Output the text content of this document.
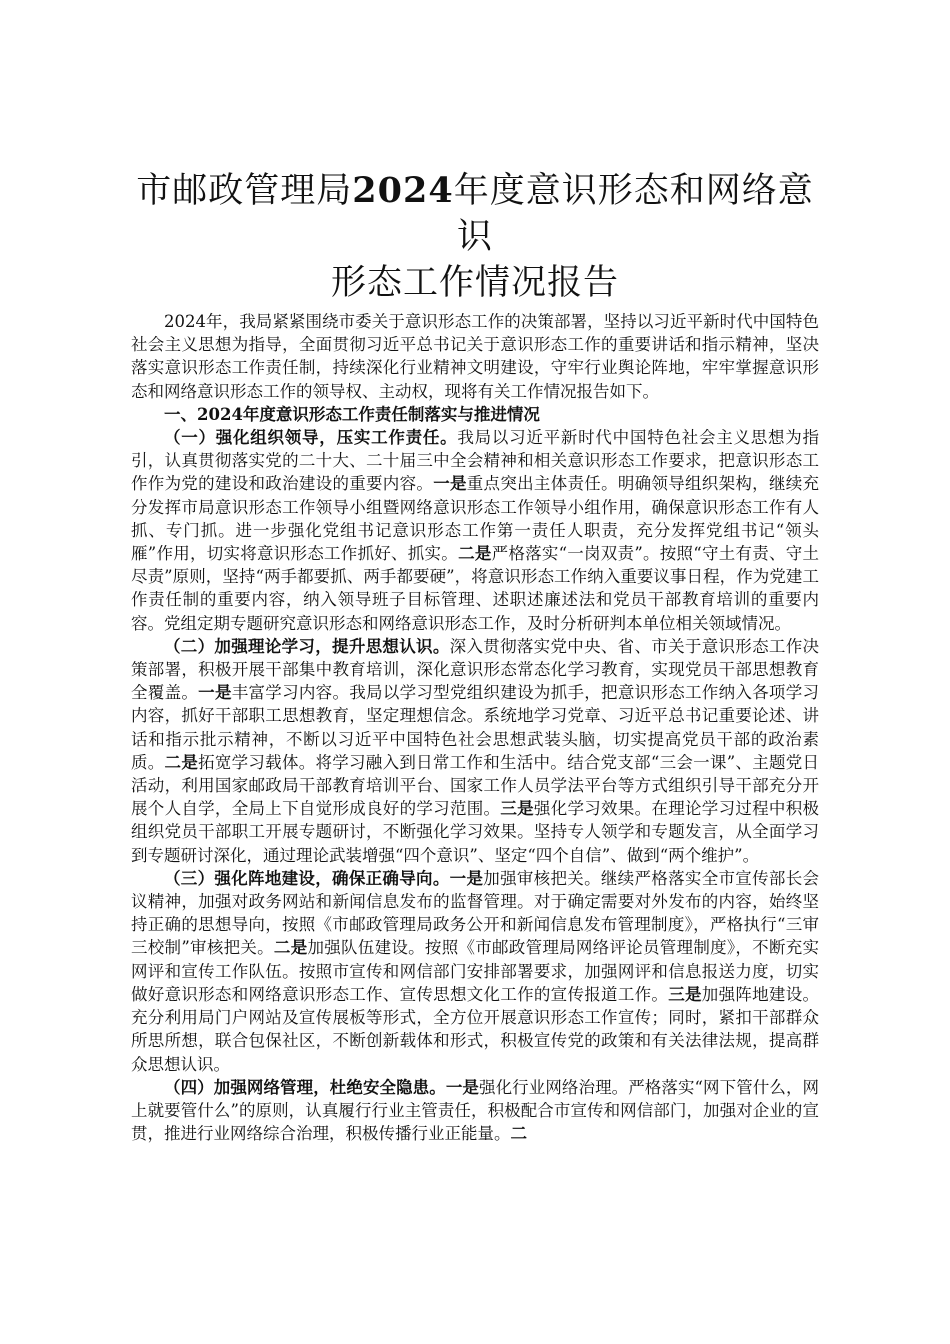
市邮政管理局2024年度意识形态和网络意识
形态工作情况报告

2024年，我局紧紧围绕市委关于意识形态工作的决策部署，坚持以习近平新时代中国特色社会主义思想为指导，全面贯彻习近平总书记关于意识形态工作的重要讲话和指示精神，坚决落实意识形态工作责任制，持续深化行业精神文明建设，守牢行业舆论阵地，牢牢掌握意识形态和网络意识形态工作的领导权、主动权，现将有关工作情况报告如下。

一、2024年度意识形态工作责任制落实与推进情况

（一）强化组织领导，压实工作责任。我局以习近平新时代中国特色社会主义思想为指引，认真贯彻落实党的二十大、二十届三中全会精神和相关意识形态工作要求，把意识形态工作作为党的建设和政治建设的重要内容。一是重点突出主体责任。明确领导组织架构，继续充分发挥市局意识形态工作领导小组暨网络意识形态工作领导小组作用，确保意识形态工作有人抓、专门抓。进一步强化党组书记意识形态工作第一责任人职责，充分发挥党组书记“领头雁”作用，切实将意识形态工作抓好、抓实。二是严格落实“一岗双责”。按照“守土有责、守土尽责”原则，坚持“两手都要抓、两手都要硬”，将意识形态工作纳入重要议事日程，作为党建工作责任制的重要内容，纳入领导班子目标管理、述职述廉述法和党员干部教育培训的重要内容。党组定期专题研究意识形态和网络意识形态工作，及时分析研判本单位相关领域情况。

（二）加强理论学习，提升思想认识。深入贯彻落实党中央、省、市关于意识形态工作决策部署，积极开展干部集中教育培训，深化意识形态常态化学习教育，实现党员干部思想教育全覆盖。一是丰富学习内容。我局以学习型党组织建设为抓手，把意识形态工作纳入各项学习内容，抓好干部职工思想教育，坚定理想信念。系统地学习党章、习近平总书记重要论述、讲话和指示批示精神，不断以习近平中国特色社会思想武装头脑，切实提高党员干部的政治素质。二是拓宽学习载体。将学习融入到日常工作和生活中。结合党支部“三会一课”、主题党日活动，利用国家邮政局干部教育培训平台、国家工作人员学法平台等方式组织引导干部充分开展个人自学，全局上下自觉形成良好的学习范围。三是强化学习效果。在理论学习过程中积极组织党员干部职工开展专题研讨，不断强化学习效果。坚持专人领学和专题发言，从全面学习到专题研讨深化，通过理论武装增强“四个意识”、坚定“四个自信”、做到“两个维护”。

（三）强化阵地建设，确保正确导向。一是加强审核把关。继续严格落实全市宣传部长会议精神，加强对政务网站和新闻信息发布的监督管理。对于确定需要对外发布的内容，始终坚持正确的思想导向，按照《市邮政管理局政务公开和新闻信息发布管理制度》，严格执行“三审三校制”审核把关。二是加强队伍建设。按照《市邮政管理局网络评论员管理制度》，不断充实网评和宣传工作队伍。按照市宣传和网信部门安排部署要求，加强网评和信息报送力度，切实做好意识形态和网络意识形态工作、宣传思想文化工作的宣传报道工作。三是加强阵地建设。充分利用局门户网站及宣传展板等形式，全方位开展意识形态工作宣传；同时，紧扣干部群众所思所想，联合包保社区，不断创新载体和形式，积极宣传党的政策和有关法律法规，提高群众思想认识。

（四）加强网络管理，杜绝安全隐患。一是强化行业网络治理。严格落实“网下管什么，网上就要管什么”的原则，认真履行行业主管责任，积极配合市宣传和网信部门，加强对企业的宣贯，推进行业网络综合治理，积极传播行业正能量。二
